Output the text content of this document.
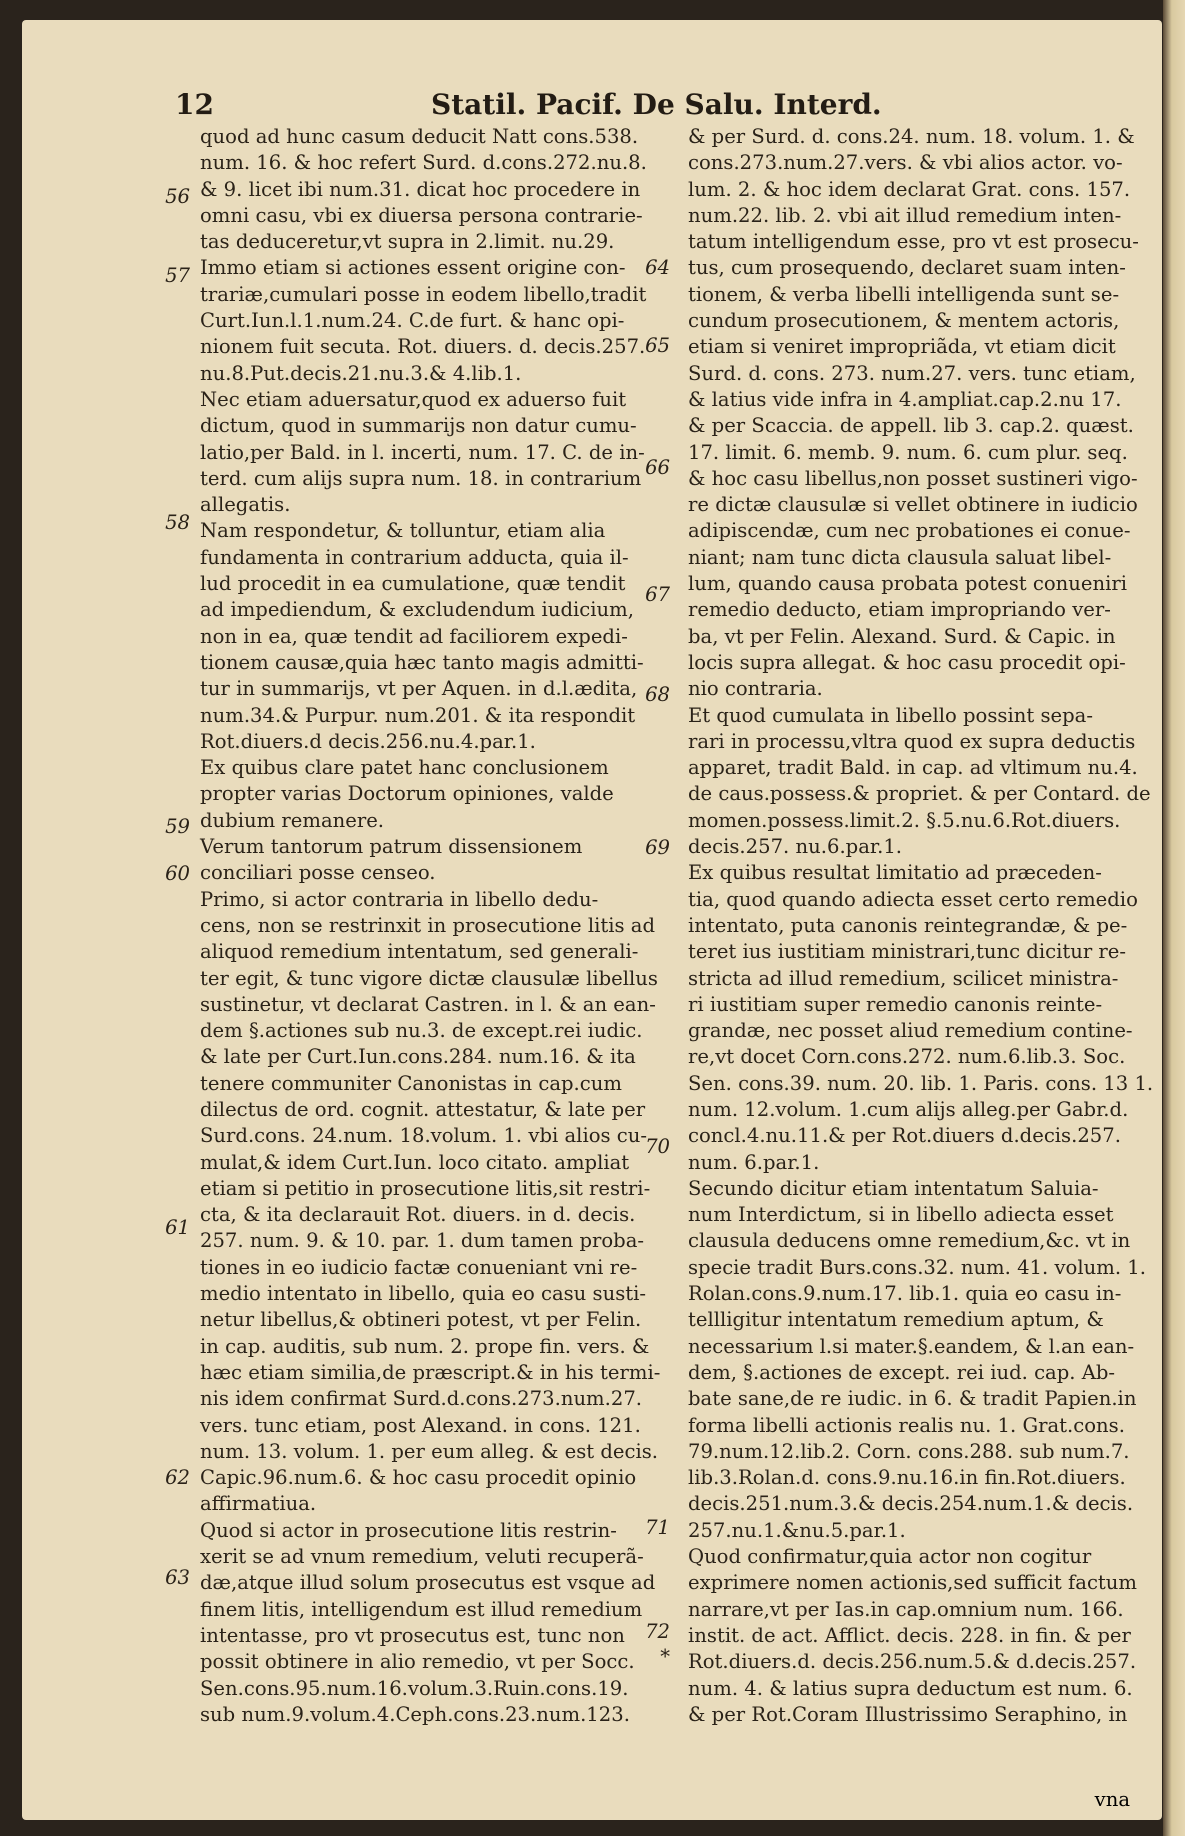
12	Statil. Pacif. De Salu. Interd.
quod ad hunc casum deducit Natt cons.538.
num. 16. & hoc refert Surd. d.cons.272.nu.8.
& 9. licet ibi num.31. dicat hoc procedere in
omni casu, vbi ex diuersa persona contrarie-
tas deduceretur,vt supra in 2.limit. nu.29.
Immo etiam si actiones essent origine con-
trariæ,cumulari posse in eodem libello,tradit
Curt.Iun.l.1.num.24. C.de furt. & hanc opi-
nionem fuit secuta. Rot. diuers. d. decis.257.
nu.8.Put.decis.21.nu.3.& 4.lib.1.
Nec etiam aduersatur,quod ex aduerso fuit
dictum, quod in summarijs non datur cumu-
latio,per Bald. in l. incerti, num. 17. C. de in-
terd. cum alijs supra num. 18. in contrarium
allegatis.
Nam respondetur, & tolluntur, etiam alia
fundamenta in contrarium adducta, quia il-
lud procedit in ea cumulatione, quæ tendit
ad impediendum, & excludendum iudicium,
non in ea, quæ tendit ad faciliorem expedi-
tionem causæ,quia hæc tanto magis admitti-
tur in summarijs, vt per Aquen. in d.l.ædita,
num.34.& Purpur. num.201. & ita respondit
Rot.diuers.d decis.256.nu.4.par.1.
Ex quibus clare patet hanc conclusionem
propter varias Doctorum opiniones, valde
dubium remanere.
Verum tantorum patrum dissensionem
conciliari posse censeo.
Primo, si actor contraria in libello dedu-
cens, non se restrinxit in prosecutione litis ad
aliquod remedium intentatum, sed generali-
ter egit, & tunc vigore dictæ clausulæ libellus
sustinetur, vt declarat Castren. in l. & an ean-
dem §.actiones sub nu.3. de except.rei iudic.
& late per Curt.Iun.cons.284. num.16. & ita
tenere communiter Canonistas in cap.cum
dilectus de ord. cognit. attestatur, & late per
Surd.cons. 24.num. 18.volum. 1. vbi alios cu-
mulat,& idem Curt.Iun. loco citato. ampliat
etiam si petitio in prosecutione litis,sit restri-
cta, & ita declarauit Rot. diuers. in d. decis.
257. num. 9. & 10. par. 1. dum tamen proba-
tiones in eo iudicio factæ conueniant vni re-
medio intentato in libello, quia eo casu susti-
netur libellus,& obtineri potest, vt per Felin.
in cap. auditis, sub num. 2. prope fin. vers. &
hæc etiam similia,de præscript.& in his termi-
nis idem confirmat Surd.d.cons.273.num.27.
vers. tunc etiam, post Alexand. in cons. 121.
num. 13. volum. 1. per eum alleg. & est decis.
Capic.96.num.6. & hoc casu procedit opinio
affirmatiua.
Quod si actor in prosecutione litis restrin-
xerit se ad vnum remedium, veluti recuperã-
dæ,atque illud solum prosecutus est vsque ad
finem litis, intelligendum est illud remedium
intentasse, pro vt prosecutus est, tunc non
possit obtinere in alio remedio, vt per Socc.
Sen.cons.95.num.16.volum.3.Ruin.cons.19.
sub num.9.volum.4.Ceph.cons.23.num.123.
& per Surd. d. cons.24. num. 18. volum. 1. &
cons.273.num.27.vers. & vbi alios actor. vo-
lum. 2. & hoc idem declarat Grat. cons. 157.
num.22. lib. 2. vbi ait illud remedium inten-
tatum intelligendum esse, pro vt est prosecu-
tus, cum prosequendo, declaret suam inten-
tionem, & verba libelli intelligenda sunt se-
cundum prosecutionem, & mentem actoris,
etiam si veniret impropriãda, vt etiam dicit
Surd. d. cons. 273. num.27. vers. tunc etiam,
& latius vide infra in 4.ampliat.cap.2.nu 17.
& per Scaccia. de appell. lib 3. cap.2. quæst.
17. limit. 6. memb. 9. num. 6. cum plur. seq.
& hoc casu libellus,non posset sustineri vigo-
re dictæ clausulæ si vellet obtinere in iudicio
adipiscendæ, cum nec probationes ei conue-
niant; nam tunc dicta clausula saluat libel-
lum, quando causa probata potest conueniri
remedio deducto, etiam impropriando ver-
ba, vt per Felin. Alexand. Surd. & Capic. in
locis supra allegat. & hoc casu procedit opi-
nio contraria.
Et quod cumulata in libello possint sepa-
rari in processu,vltra quod ex supra deductis
apparet, tradit Bald. in cap. ad vltimum nu.4.
de caus.possess.& propriet. & per Contard. de
momen.possess.limit.2. §.5.nu.6.Rot.diuers.
decis.257. nu.6.par.1.
Ex quibus resultat limitatio ad præceden-
tia, quod quando adiecta esset certo remedio
intentato, puta canonis reintegrandæ, & pe-
teret ius iustitiam ministrari,tunc dicitur re-
stricta ad illud remedium, scilicet ministra-
ri iustitiam super remedio canonis reinte-
grandæ, nec posset aliud remedium contine-
re,vt docet Corn.cons.272. num.6.lib.3. Soc.
Sen. cons.39. num. 20. lib. 1. Paris. cons. 13 1.
num. 12.volum. 1.cum alijs alleg.per Gabr.d.
concl.4.nu.11.& per Rot.diuers d.decis.257.
num. 6.par.1.
Secundo dicitur etiam intentatum Saluia-
num Interdictum, si in libello adiecta esset
clausula deducens omne remedium,&c. vt in
specie tradit Burs.cons.32. num. 41. volum. 1.
Rolan.cons.9.num.17. lib.1. quia eo casu in-
tellligitur intentatum remedium aptum, &
necessarium l.si mater.§.eandem, & l.an ean-
dem, §.actiones de except. rei iud. cap. Ab-
bate sane,de re iudic. in 6. & tradit Papien.in
forma libelli actionis realis nu. 1. Grat.cons.
79.num.12.lib.2. Corn. cons.288. sub num.7.
lib.3.Rolan.d. cons.9.nu.16.in fin.Rot.diuers.
decis.251.num.3.& decis.254.num.1.& decis.
257.nu.1.&nu.5.par.1.
Quod confirmatur,quia actor non cogitur
exprimere nomen actionis,sed sufficit factum
narrare,vt per Ias.in cap.omnium num. 166.
instit. de act. Afflict. decis. 228. in fin. & per
Rot.diuers.d. decis.256.num.5.& d.decis.257.
num. 4. & latius supra deductum est num. 6.
& per Rot.Coram Illustrissimo Seraphino, in
56
57
58
59
60
61
62
63
64
65
66
67
68
69
70
71
72
*
vna
